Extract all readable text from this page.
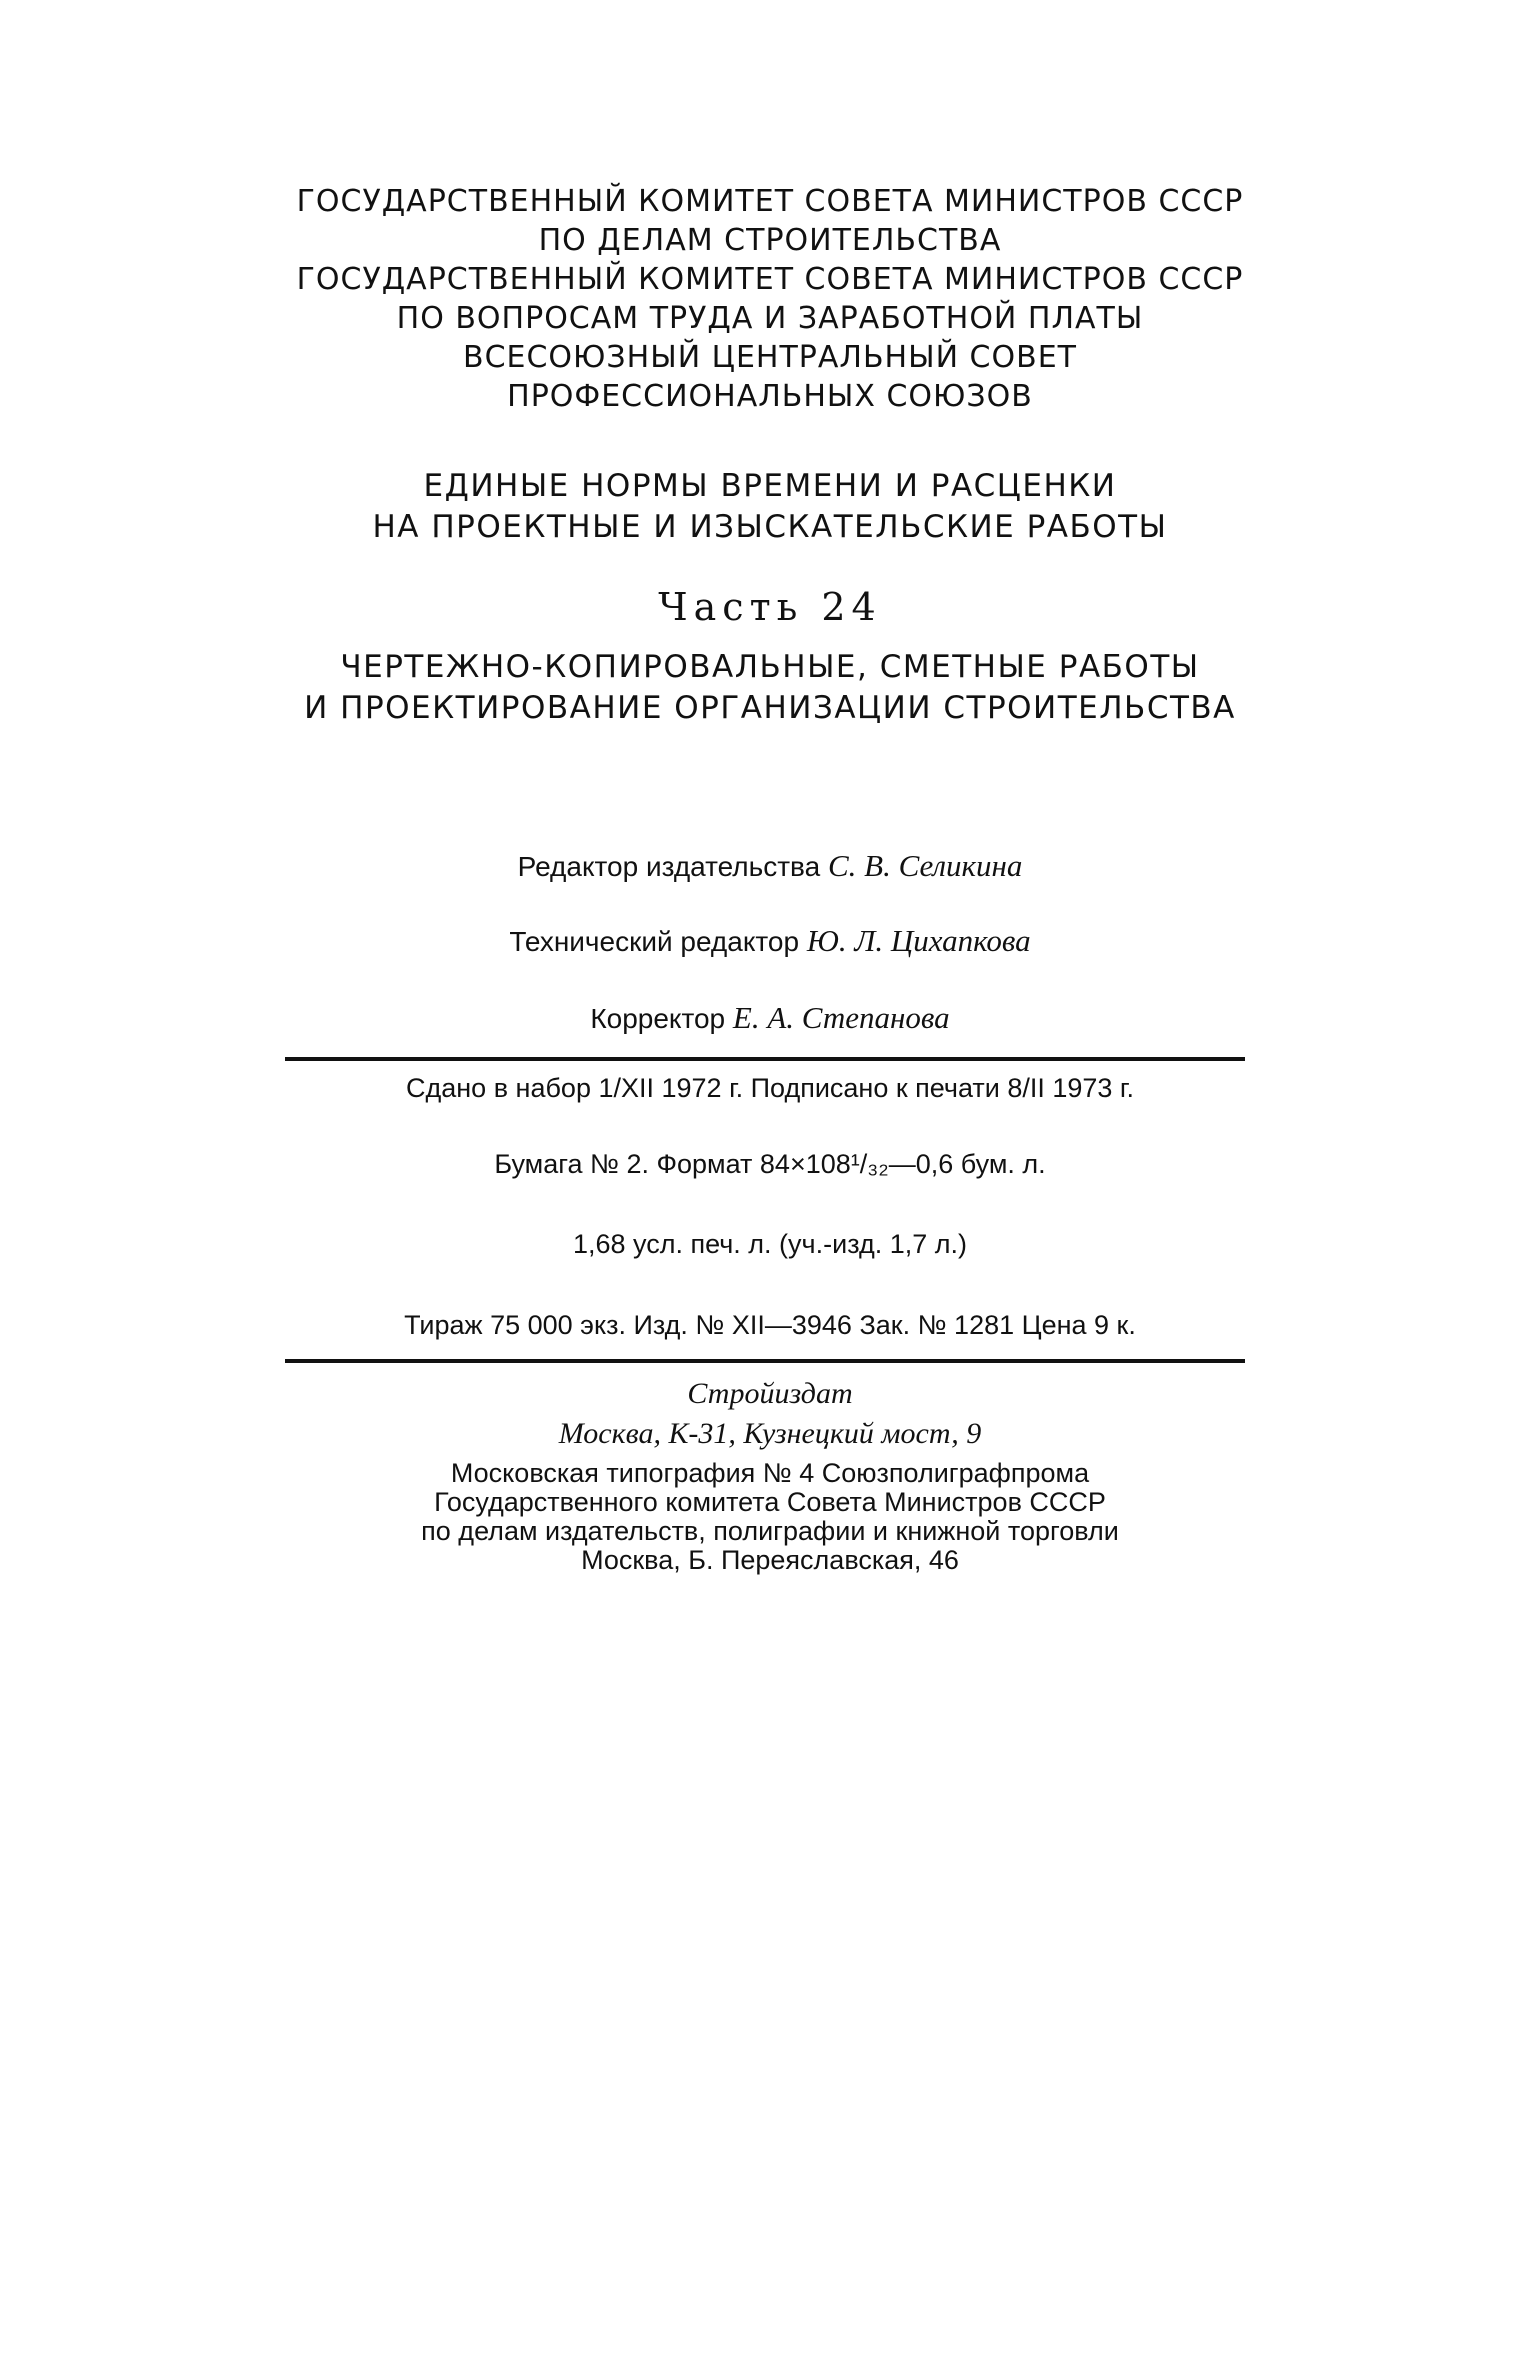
ГОСУДАРСТВЕННЫЙ КОМИТЕТ СОВЕТА МИНИСТРОВ СССР
ПО ДЕЛАМ СТРОИТЕЛЬСТВА
ГОСУДАРСТВЕННЫЙ КОМИТЕТ СОВЕТА МИНИСТРОВ СССР
ПО ВОПРОСАМ ТРУДА И ЗАРАБОТНОЙ ПЛАТЫ
ВСЕСОЮЗНЫЙ ЦЕНТРАЛЬНЫЙ СОВЕТ
ПРОФЕССИОНАЛЬНЫХ СОЮЗОВ
ЕДИНЫЕ НОРМЫ ВРЕМЕНИ И РАСЦЕНКИ
НА ПРОЕКТНЫЕ И ИЗЫСКАТЕЛЬСКИЕ РАБОТЫ
Часть 24
ЧЕРТЕЖНО-КОПИРОВАЛЬНЫЕ, СМЕТНЫЕ РАБОТЫ
И ПРОЕКТИРОВАНИЕ ОРГАНИЗАЦИИ СТРОИТЕЛЬСТВА
Редактор издательства С. В. Селикина
Технический редактор Ю. Л. Цихапкова
Корректор Е. А. Степанова
Сдано в набор 1/XII 1972 г. Подписано к печати 8/II 1973 г.
Бумага № 2. Формат 84×108¹/₃₂—0,6 бум. л.
1,68 усл. печ. л. (уч.-изд. 1,7 л.)
Тираж 75 000 экз. Изд. № XII—3946 Зак. № 1281 Цена 9 к.
Стройиздат
Москва, К-31, Кузнецкий мост, 9
Московская типография № 4 Союзполиграфпрома
Государственного комитета Совета Министров СССР
по делам издательств, полиграфии и книжной торговли
Москва, Б. Переяславская, 46
